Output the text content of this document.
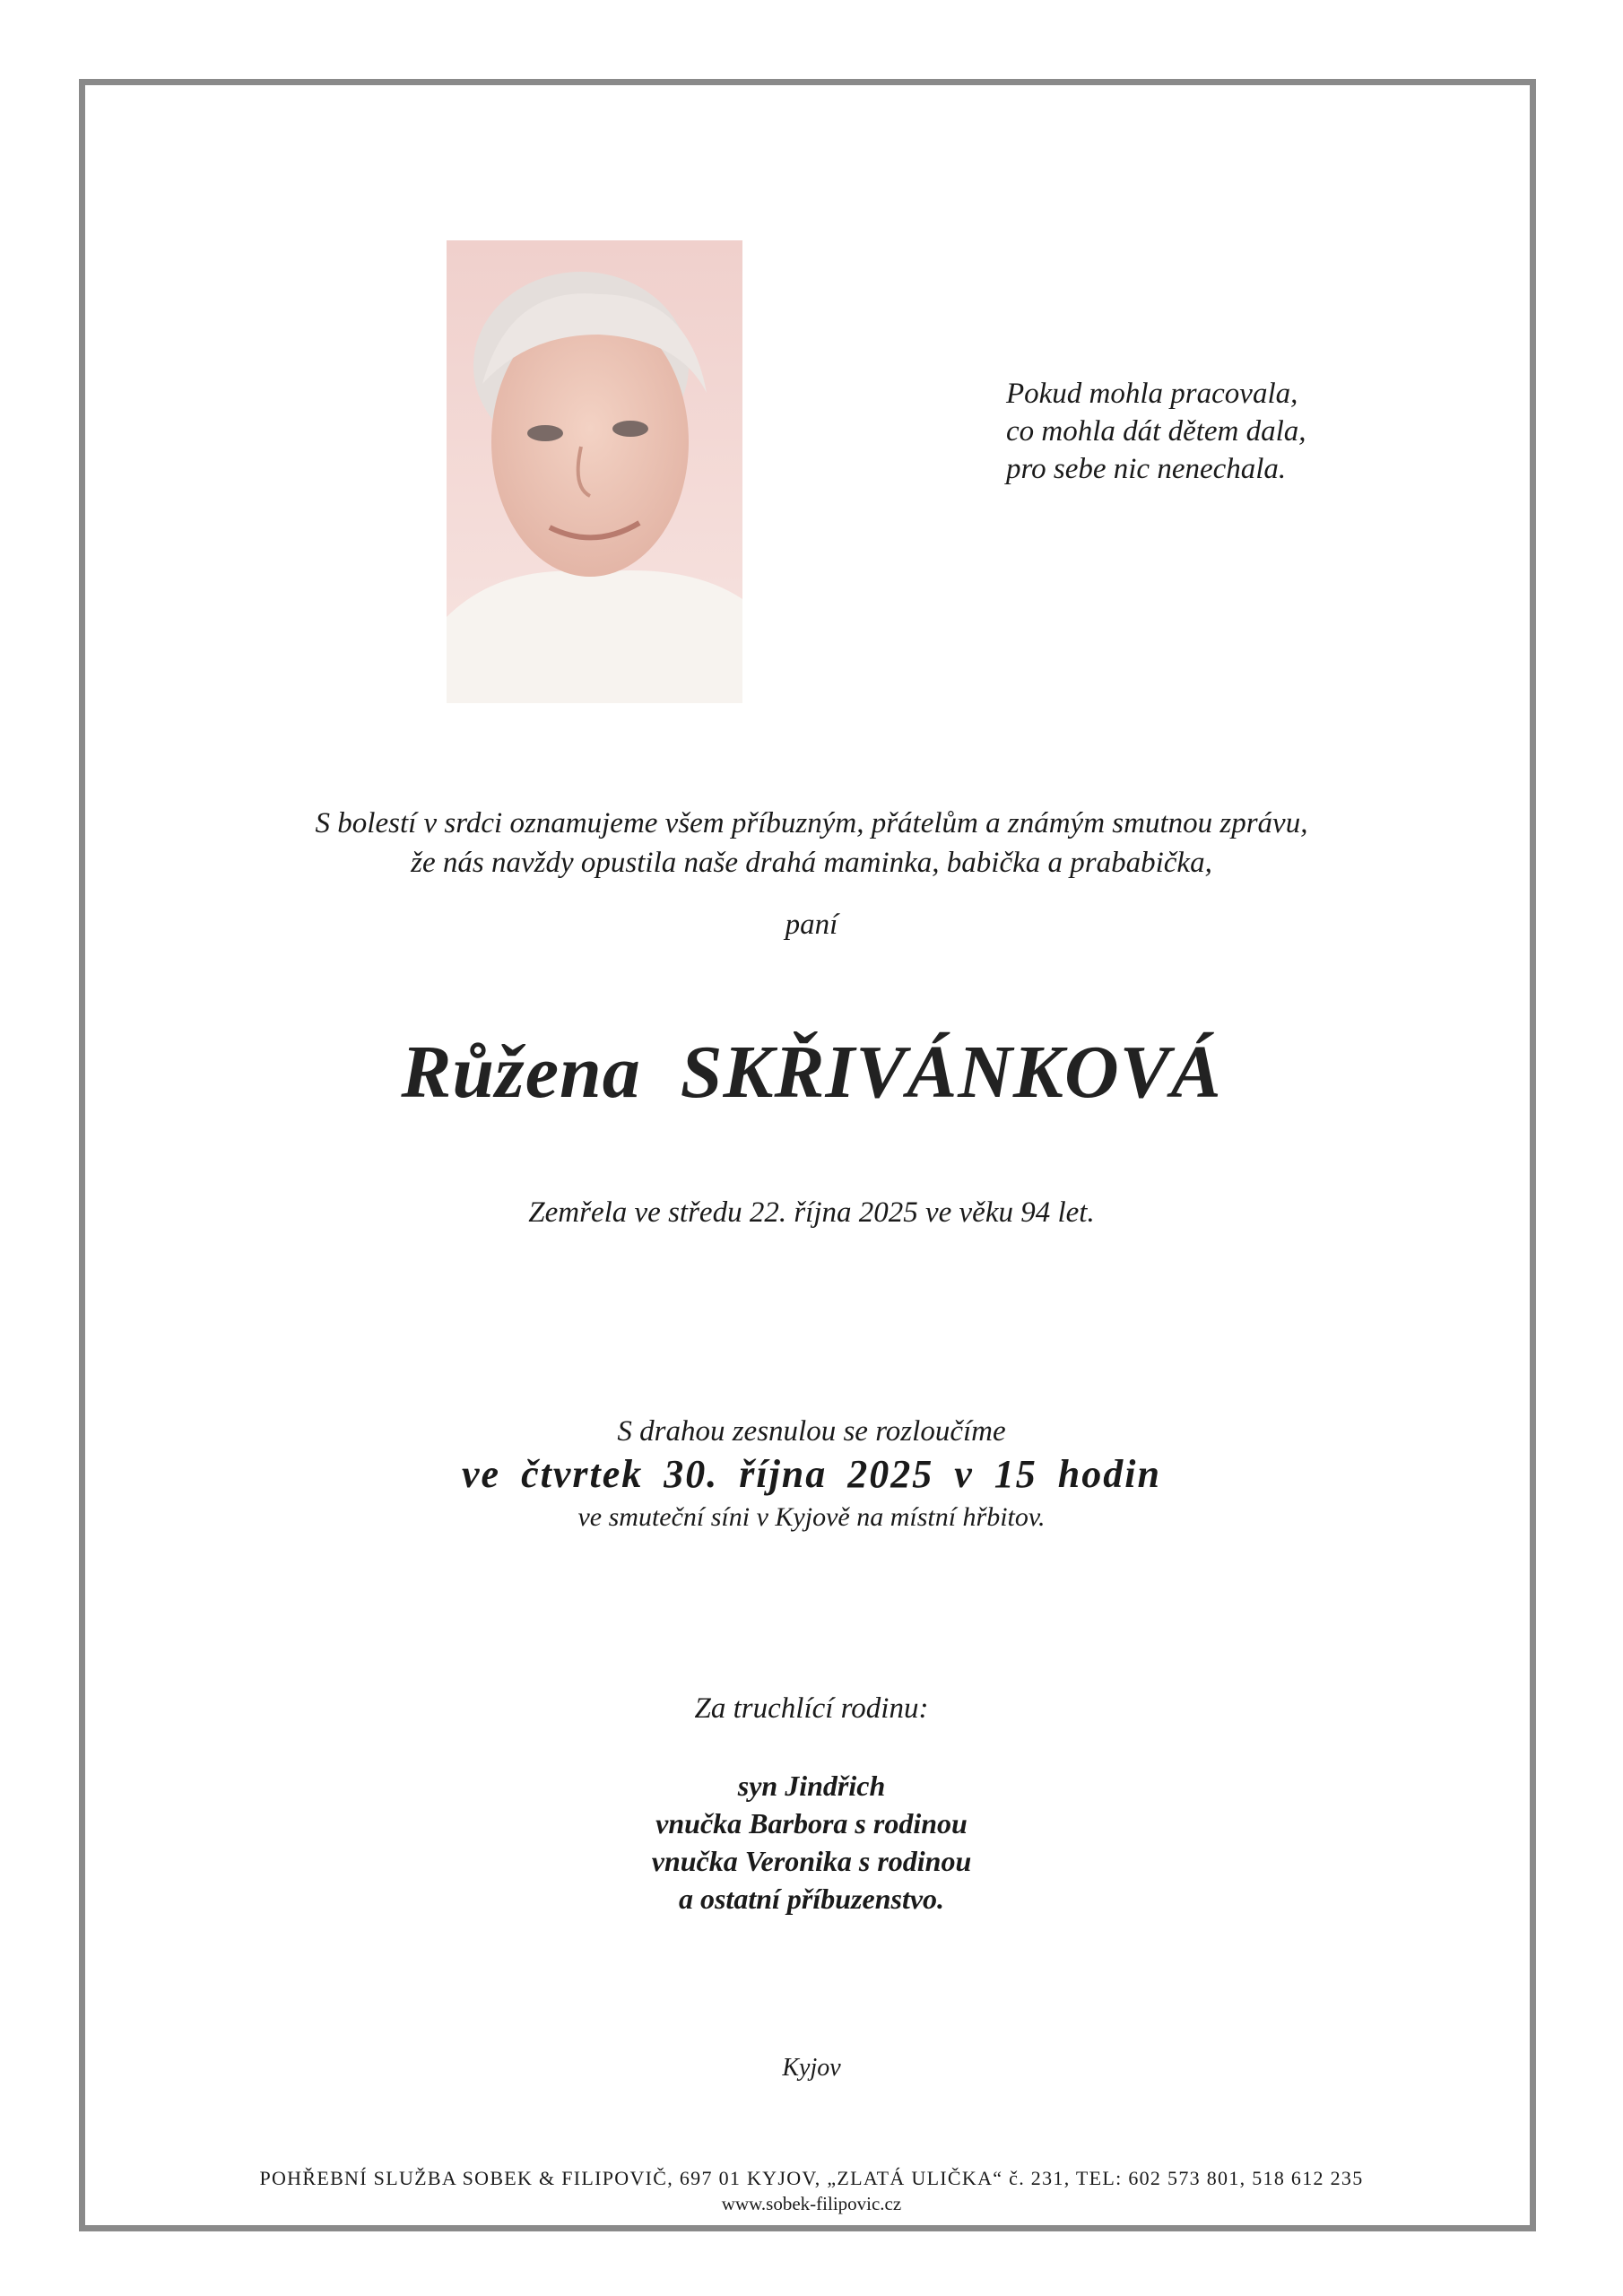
Pokud mohla pracovala,
co mohla dát dětem dala,
pro sebe nic nenechala.
S bolestí v srdci oznamujeme všem příbuzným, přátelům a známým smutnou zprávu,
že nás navždy opustila naše drahá maminka, babička a prababička,
paní
Růžena SKŘIVÁNKOVÁ
Zemřela ve středu 22. října 2025 ve věku 94 let.
S drahou zesnulou se rozloučíme
ve čtvrtek 30. října 2025 v 15 hodin
ve smuteční síni v Kyjově na místní hřbitov.
Za truchlící rodinu:
syn Jindřich
vnučka Barbora s rodinou
vnučka Veronika s rodinou
a ostatní příbuzenstvo.
Kyjov
POHŘEBNÍ SLUŽBA SOBEK & FILIPOVIČ, 697 01 KYJOV, „ZLATÁ ULIČKA“ č. 231, TEL: 602 573 801, 518 612 235
www.sobek-filipovic.cz
